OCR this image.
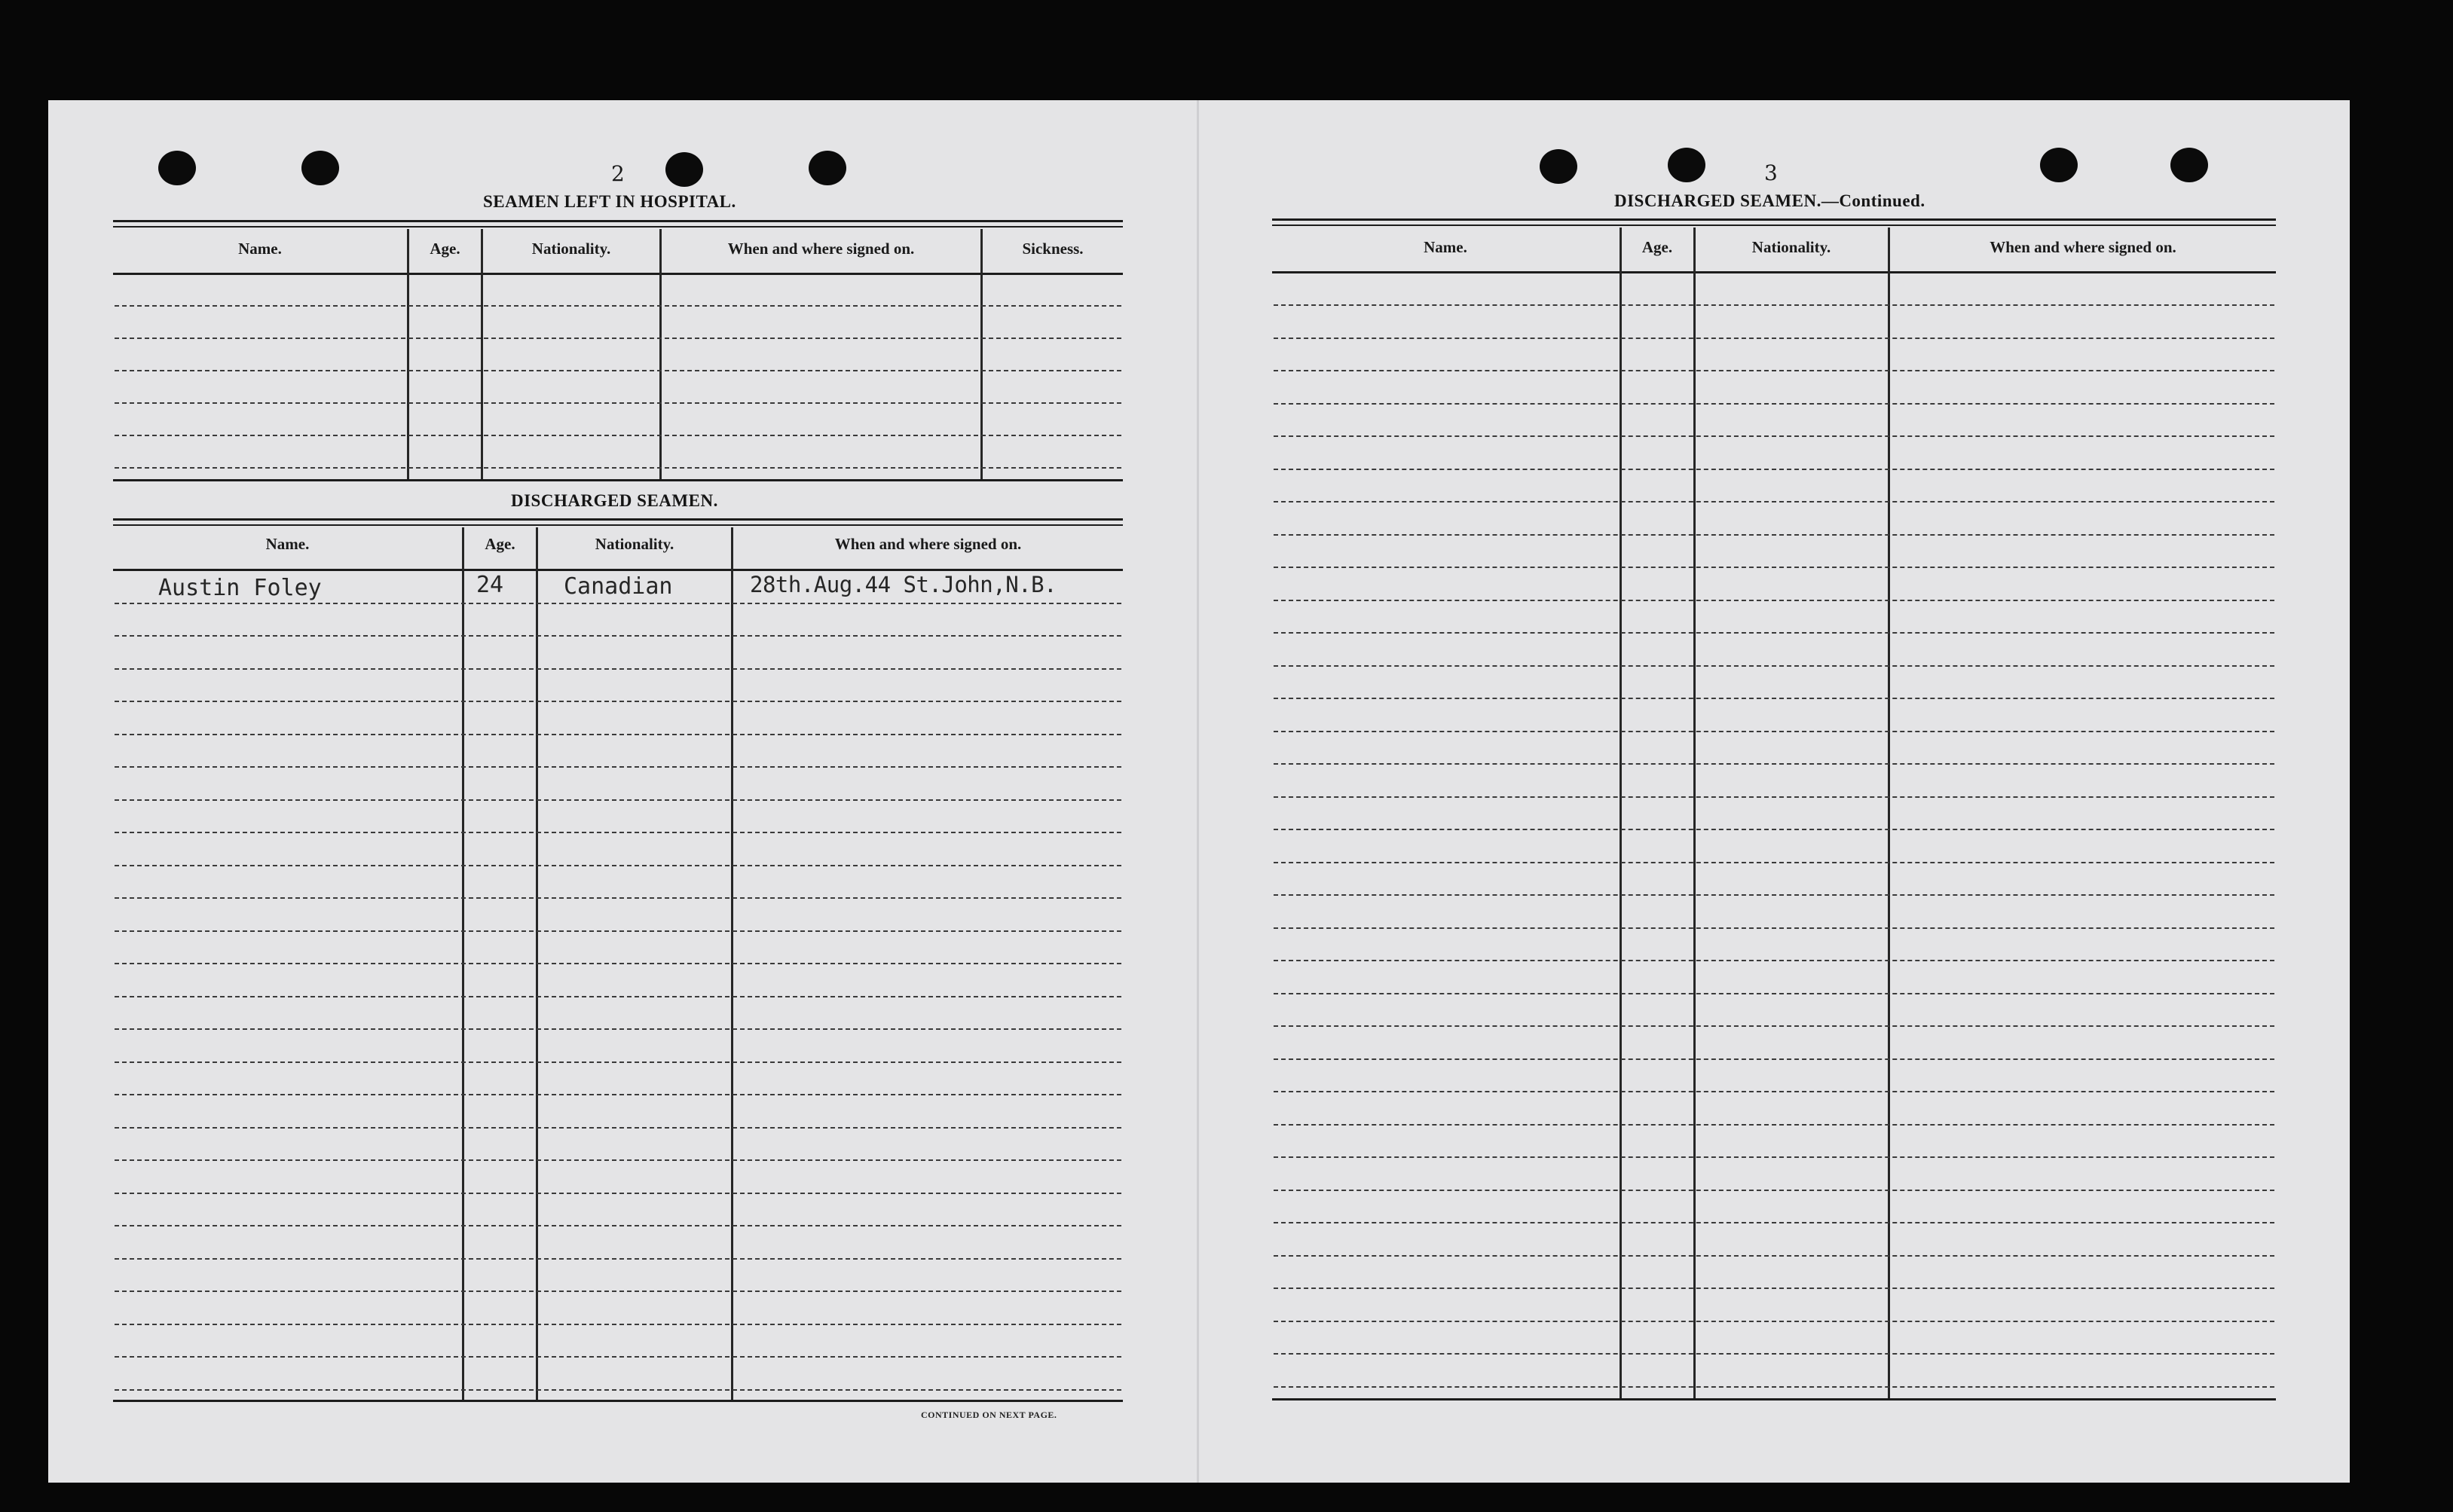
2
SEAMEN LEFT IN HOSPITAL.
Name.	Age.	Nationality.	When and where signed on.	Sickness.
DISCHARGED SEAMEN.
Name.	Age.	Nationality.	When and where signed on.
Austin Foley	24	Canadian	28th.Aug.44 St.John,N.B.
CONTINUED ON NEXT PAGE.
3
DISCHARGED SEAMEN.—Continued.
Name.	Age.	Nationality.	When and where signed on.
